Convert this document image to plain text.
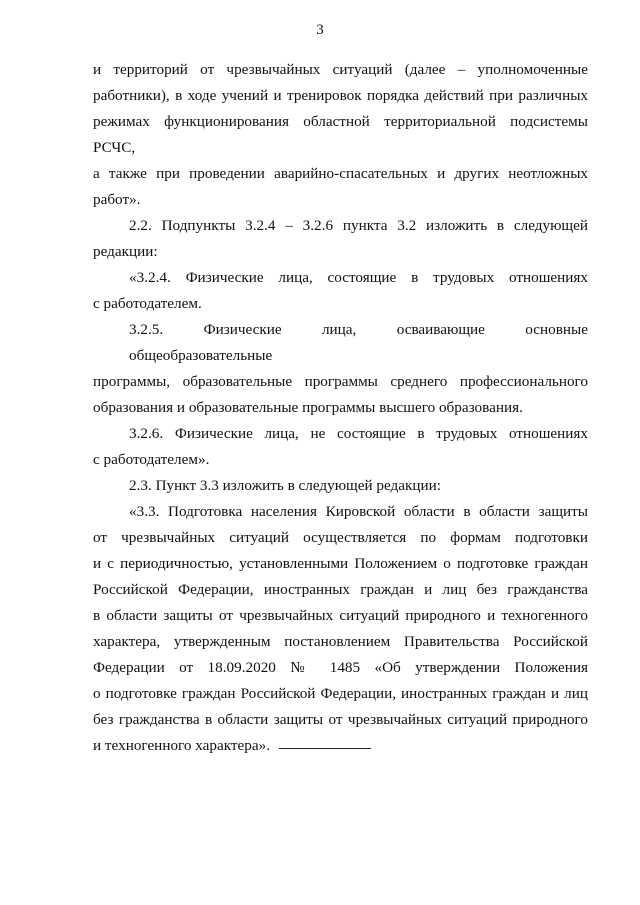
3
и территорий от чрезвычайных ситуаций (далее – уполномоченные
работники), в ходе учений и тренировок порядка действий при различных
режимах функционирования областной территориальной подсистемы РСЧС,
а также при проведении аварийно-спасательных и других неотложных
работ».
2.2. Подпункты 3.2.4 – 3.2.6 пункта 3.2 изложить в следующей
редакции:
«3.2.4. Физические лица, состоящие в трудовых отношениях
с работодателем.
3.2.5. Физические лица, осваивающие основные общеобразовательные
программы, образовательные программы среднего профессионального
образования и образовательные программы высшего образования.
3.2.6. Физические лица, не состоящие в трудовых отношениях
с работодателем».
2.3. Пункт 3.3 изложить в следующей редакции:
«3.3. Подготовка населения Кировской области в области защиты
от чрезвычайных ситуаций осуществляется по формам подготовки
и с периодичностью, установленными Положением о подготовке граждан
Российской Федерации, иностранных граждан и лиц без гражданства
в области защиты от чрезвычайных ситуаций природного и техногенного
характера, утвержденным постановлением Правительства Российской
Федерации от 18.09.2020 № 1485 «Об утверждении Положения
о подготовке граждан Российской Федерации, иностранных граждан и лиц
без гражданства в области защиты от чрезвычайных ситуаций природного
и техногенного характера».
